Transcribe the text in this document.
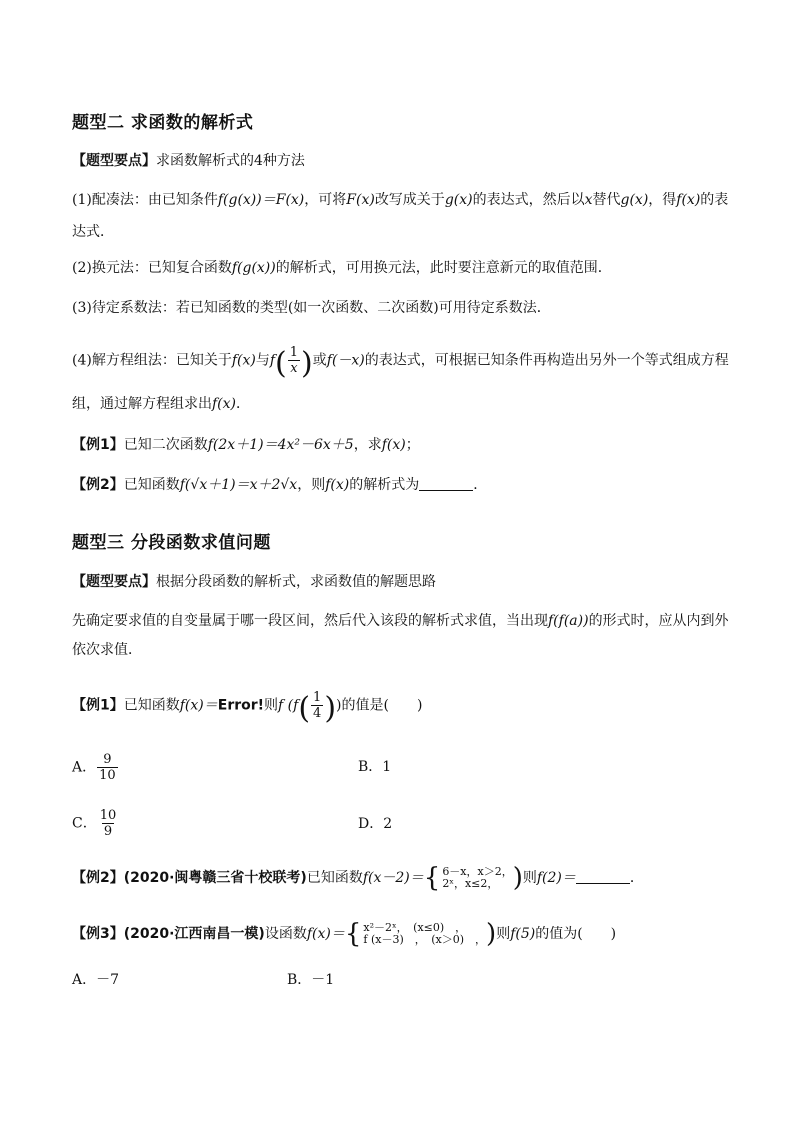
题型二 求函数的解析式
【题型要点】求函数解析式的4种方法
(1)配凑法：由已知条件f(g(x))＝F(x)，可将F(x)改写成关于g(x)的表达式，然后以x替代g(x)，得f(x)的表
达式．
(2)换元法：已知复合函数f(g(x))的解析式，可用换元法，此时要注意新元的取值范围．
(3)待定系数法：若已知函数的类型(如一次函数、二次函数)可用待定系数法．
(4)解方程组法：已知关于f(x)与$f( \frac{1}{x}$ )或f(－x)的表达式，可根据已知条件再构造出另外一个等式组成方程
组，通过解方程组求出f(x)．
【例1】已知二次函数f(2x＋1)＝4x²－6x＋5，求f(x)；
【例2】已知函数f(√x＋1)＝x＋2√x，则f(x)的解析式为	．
题型三 分段函数求值问题
【题型要点】根据分段函数的解析式，求函数值的解题思路
先确定要求值的自变量属于哪一段区间，然后代入该段的解析式求值，当出现f(f(a))的形式时，应从内到外
依次求值．
【例1】已知函数f(x)＝Error!则f ($f( \frac{1}{4}$ ))的值是(　　)
A． $\frac{9}{10}$	B．1
C． $\frac{10}{9}$	D．2
【例2】(2020·闽粤赣三省十校联考)已知函数f(x－2)＝{ 6－x，x＞2，
2ˣ，x≤2， )则f(2)＝	．
【例3】(2020·江西南昌一模)设函数f(x)＝{ x²－2ˣ，　(x≤0)　，
f (x－3)　，　(x＞0)　， )则f(5)的值为(　　)
A．－7	B．－1
